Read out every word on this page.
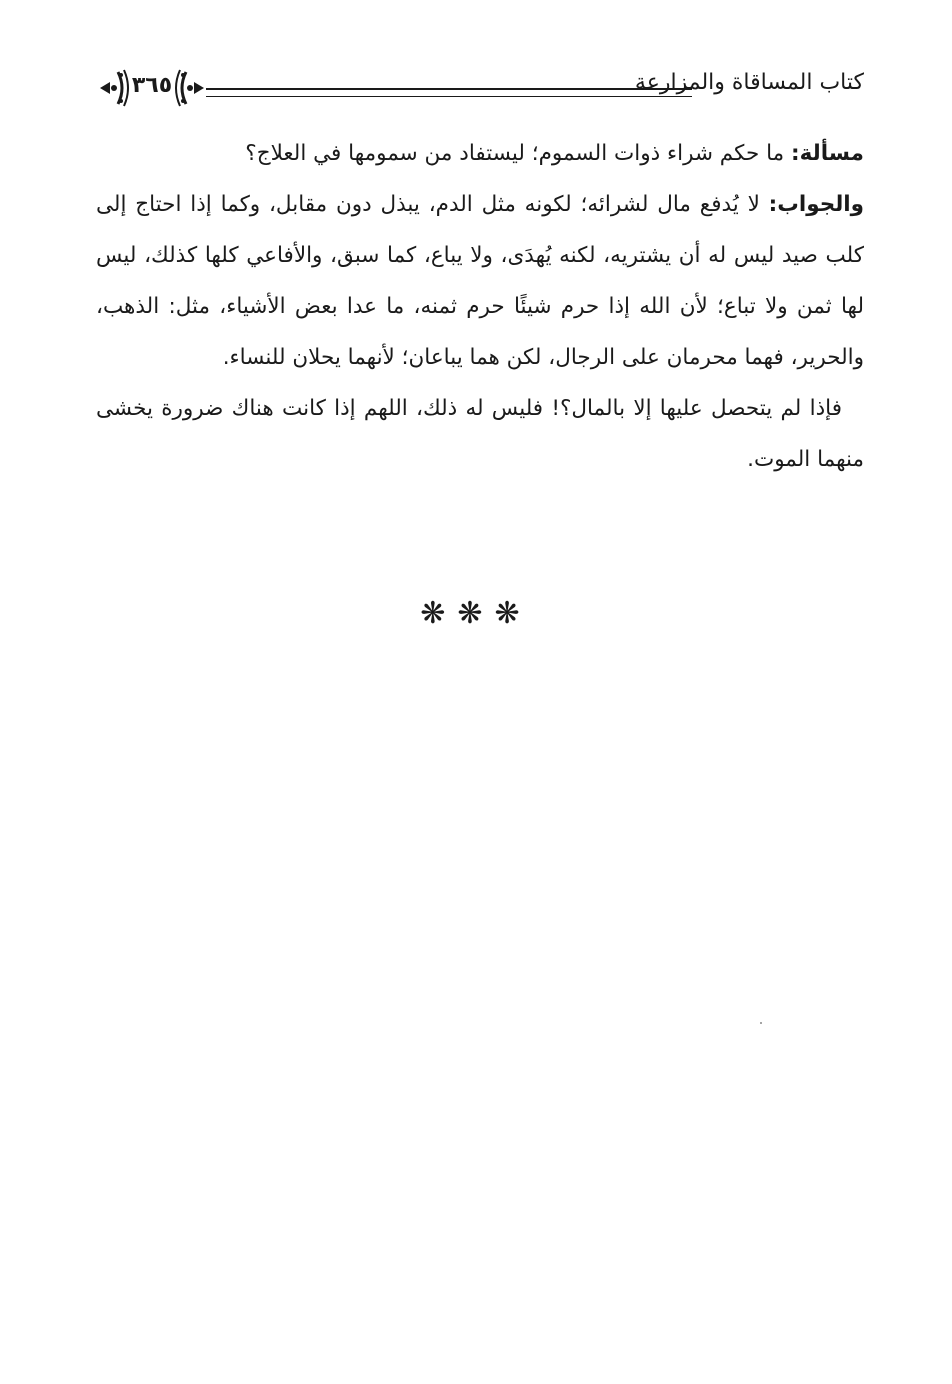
٣٦٥	كتاب المساقاة والمزارعة

مسألة: ما حكم شراء ذوات السموم؛ ليستفاد من سمومها في العلاج؟

والجواب: لا يُدفع مال لشرائه؛ لكونه مثل الدم، يبذل دون مقابل، وكما إذا احتاج إلى كلب صيد ليس له أن يشتريه، لكنه يُهدَى، ولا يباع، كما سبق، والأفاعي كلها كذلك، ليس لها ثمن ولا تباع؛ لأن الله إذا حرم شيئًا حرم ثمنه، ما عدا بعض الأشياء، مثل: الذهب، والحرير، فهما محرمان على الرجال، لكن هما يباعان؛ لأنهما يحلان للنساء.

فإذا لم يتحصل عليها إلا بالمال؟! فليس له ذلك، اللهم إذا كانت هناك ضرورة يخشى منهما الموت.

❋❋❋
